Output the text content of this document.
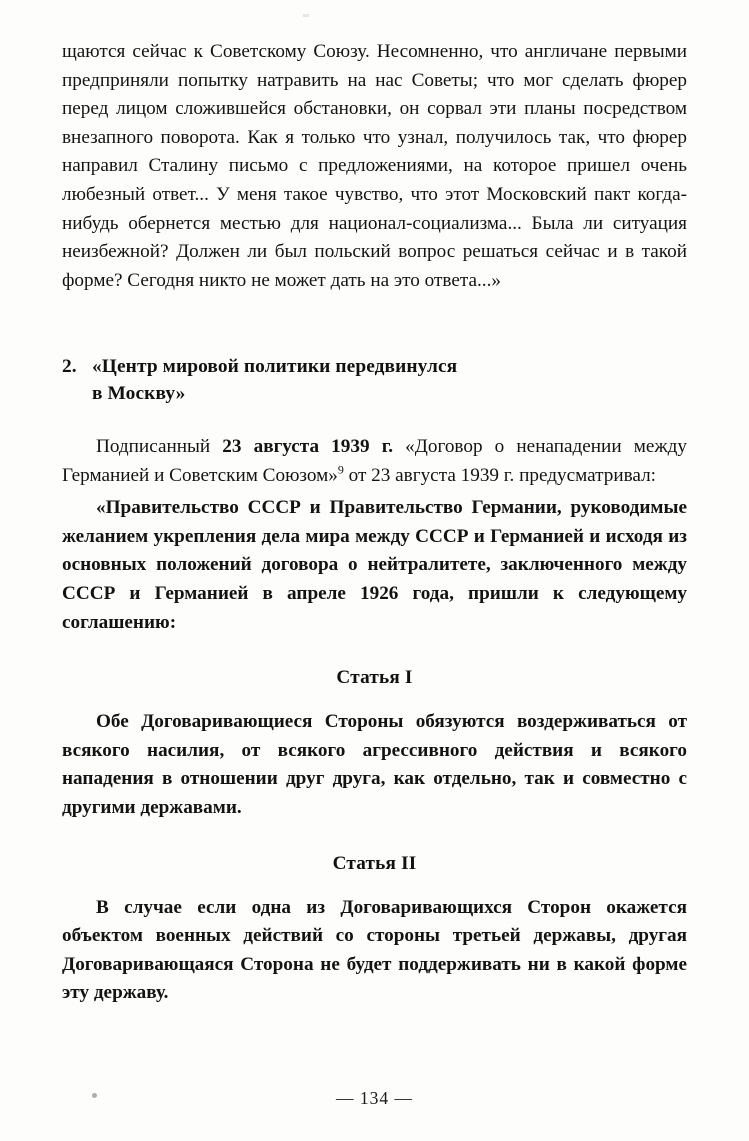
щаются сейчас к Советскому Союзу. Несомненно, что англичане первыми предприняли попытку натравить на нас Советы; что мог сделать фюрер перед лицом сложившейся обстановки, он сорвал эти планы посредством внезапного поворота. Как я только что узнал, получилось так, что фюрер направил Сталину письмо с предложениями, на которое пришел очень любезный ответ... У меня такое чувство, что этот Московский пакт когда-нибудь обернется местью для национал-социализма... Была ли ситуация неизбежной? Должен ли был польский вопрос решаться сейчас и в такой форме? Сегодня никто не может дать на это ответа...»

2. «Центр мировой политики передвинулся
в Москву»

Подписанный 23 августа 1939 г. «Договор о ненападении между Германией и Советским Союзом»$^9$ от 23 августа 1939 г. предусматривал:

«Правительство СССР и Правительство Германии, руководимые желанием укрепления дела мира между СССР и Германией и исходя из основных положений договора о нейтралитете, заключенного между СССР и Германией в апреле 1926 года, пришли к следующему соглашению:

Статья I

Обе Договаривающиеся Стороны обязуются воздерживаться от всякого насилия, от всякого агрессивного действия и всякого нападения в отношении друг друга, как отдельно, так и совместно с другими державами.

Статья II

В случае если одна из Договаривающихся Сторон окажется объектом военных действий со стороны третьей державы, другая Договаривающаяся Сторона не будет поддерживать ни в какой форме эту державу.

— 134 —
